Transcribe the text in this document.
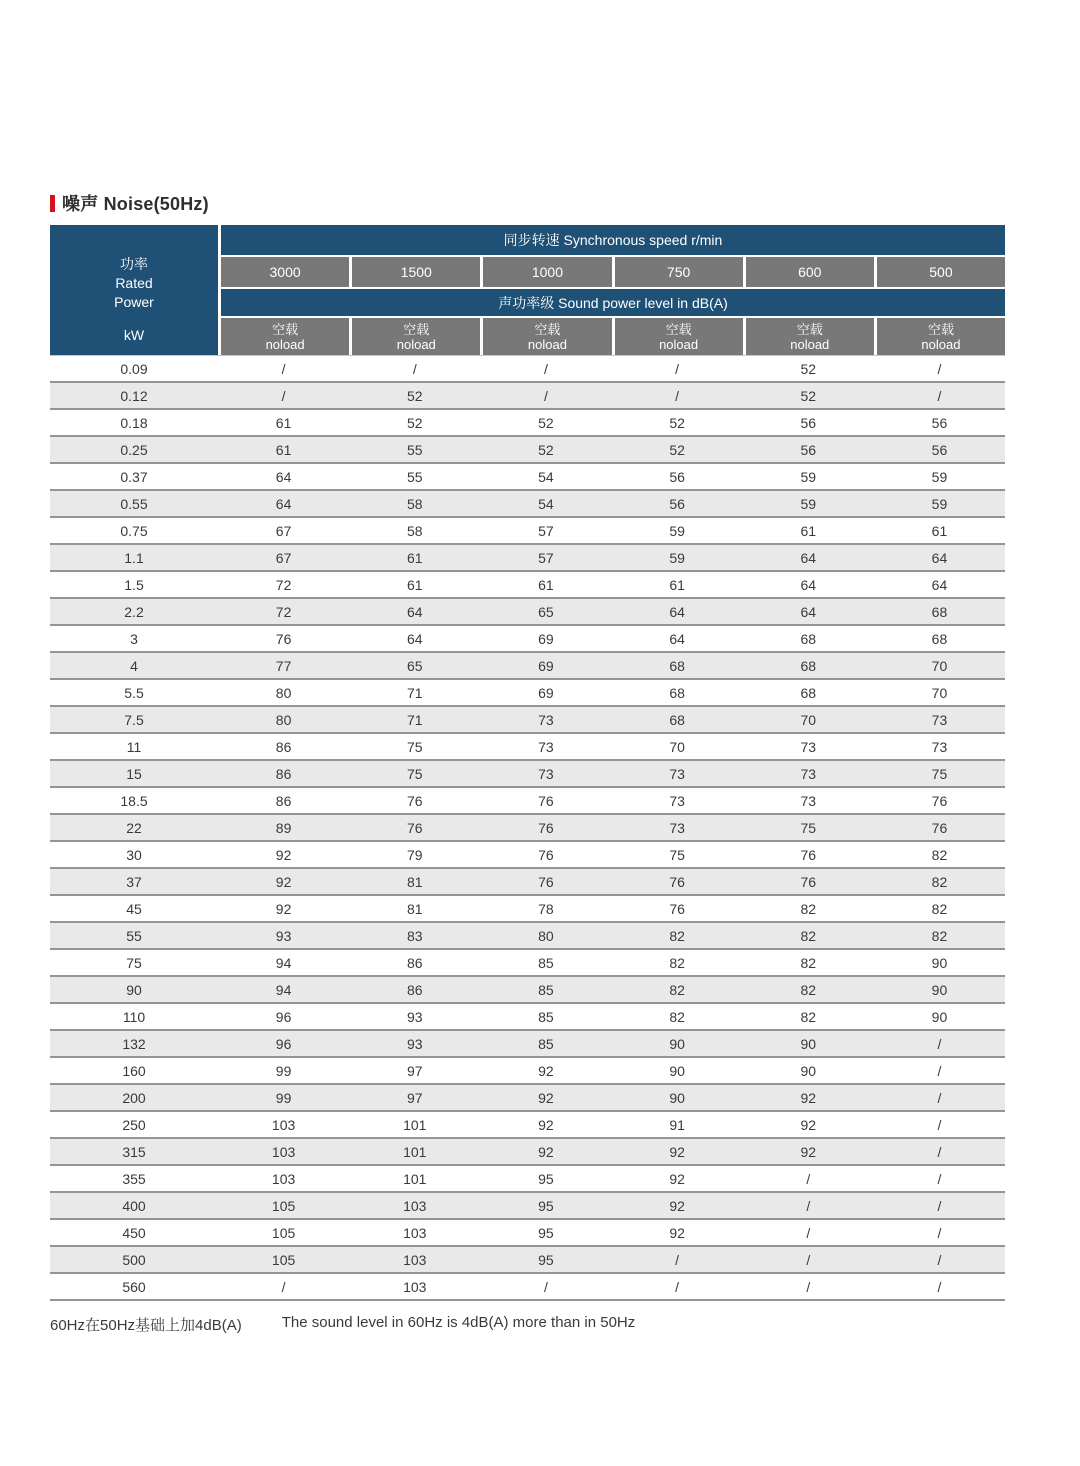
噪声 Noise(50Hz)
功率
Rated
Power
kW
同步转速 Synchronous speed r/min
3000	1500	1000	750	600	500
声功率级 Sound power level in dB(A)
空载
noload
空载
noload
空载
noload
空载
noload
空载
noload
空载
noload
0.09	/	/	/	/	52	/
0.12	/	52	/	/	52	/
0.18	61	52	52	52	56	56
0.25	61	55	52	52	56	56
0.37	64	55	54	56	59	59
0.55	64	58	54	56	59	59
0.75	67	58	57	59	61	61
1.1	67	61	57	59	64	64
1.5	72	61	61	61	64	64
2.2	72	64	65	64	64	68
3	76	64	69	64	68	68
4	77	65	69	68	68	70
5.5	80	71	69	68	68	70
7.5	80	71	73	68	70	73
11	86	75	73	70	73	73
15	86	75	73	73	73	75
18.5	86	76	76	73	73	76
22	89	76	76	73	75	76
30	92	79	76	75	76	82
37	92	81	76	76	76	82
45	92	81	78	76	82	82
55	93	83	80	82	82	82
75	94	86	85	82	82	90
90	94	86	85	82	82	90
110	96	93	85	82	82	90
132	96	93	85	90	90	/
160	99	97	92	90	90	/
200	99	97	92	90	92	/
250	103	101	92	91	92	/
315	103	101	92	92	92	/
355	103	101	95	92	/	/
400	105	103	95	92	/	/
450	105	103	95	92	/	/
500	105	103	95	/	/	/
560	/	103	/	/	/	/
60Hz在50Hz基础上加4dB(A)	The sound level in 60Hz is 4dB(A) more than in 50Hz
